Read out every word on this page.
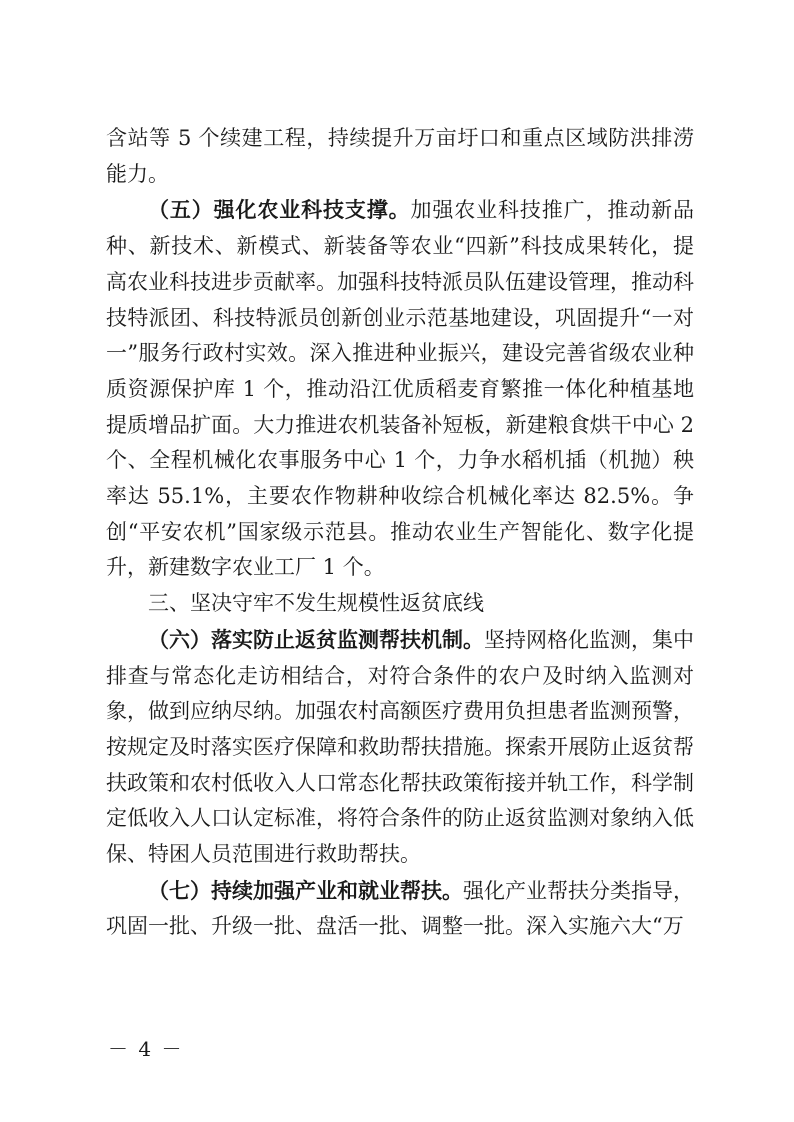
含站等 5 个续建工程，持续提升万亩圩口和重点区域防洪排涝能力。

（五）强化农业科技支撑。加强农业科技推广，推动新品种、新技术、新模式、新装备等农业“四新”科技成果转化，提高农业科技进步贡献率。加强科技特派员队伍建设管理，推动科技特派团、科技特派员创新创业示范基地建设，巩固提升“一对一”服务行政村实效。深入推进种业振兴，建设完善省级农业种质资源保护库 1 个，推动沿江优质稻麦育繁推一体化种植基地提质增品扩面。大力推进农机装备补短板，新建粮食烘干中心 2 个、全程机械化农事服务中心 1 个，力争水稻机插（机抛）秧率达 55.1%，主要农作物耕种收综合机械化率达 82.5%。争创“平安农机”国家级示范县。推动农业生产智能化、数字化提升，新建数字农业工厂 1 个。

三、坚决守牢不发生规模性返贫底线

（六）落实防止返贫监测帮扶机制。坚持网格化监测，集中排查与常态化走访相结合，对符合条件的农户及时纳入监测对象，做到应纳尽纳。加强农村高额医疗费用负担患者监测预警，按规定及时落实医疗保障和救助帮扶措施。探索开展防止返贫帮扶政策和农村低收入人口常态化帮扶政策衔接并轨工作，科学制定低收入人口认定标准，将符合条件的防止返贫监测对象纳入低保、特困人员范围进行救助帮扶。

（七）持续加强产业和就业帮扶。强化产业帮扶分类指导，巩固一批、升级一批、盘活一批、调整一批。深入实施六大“万

－ 4 －
